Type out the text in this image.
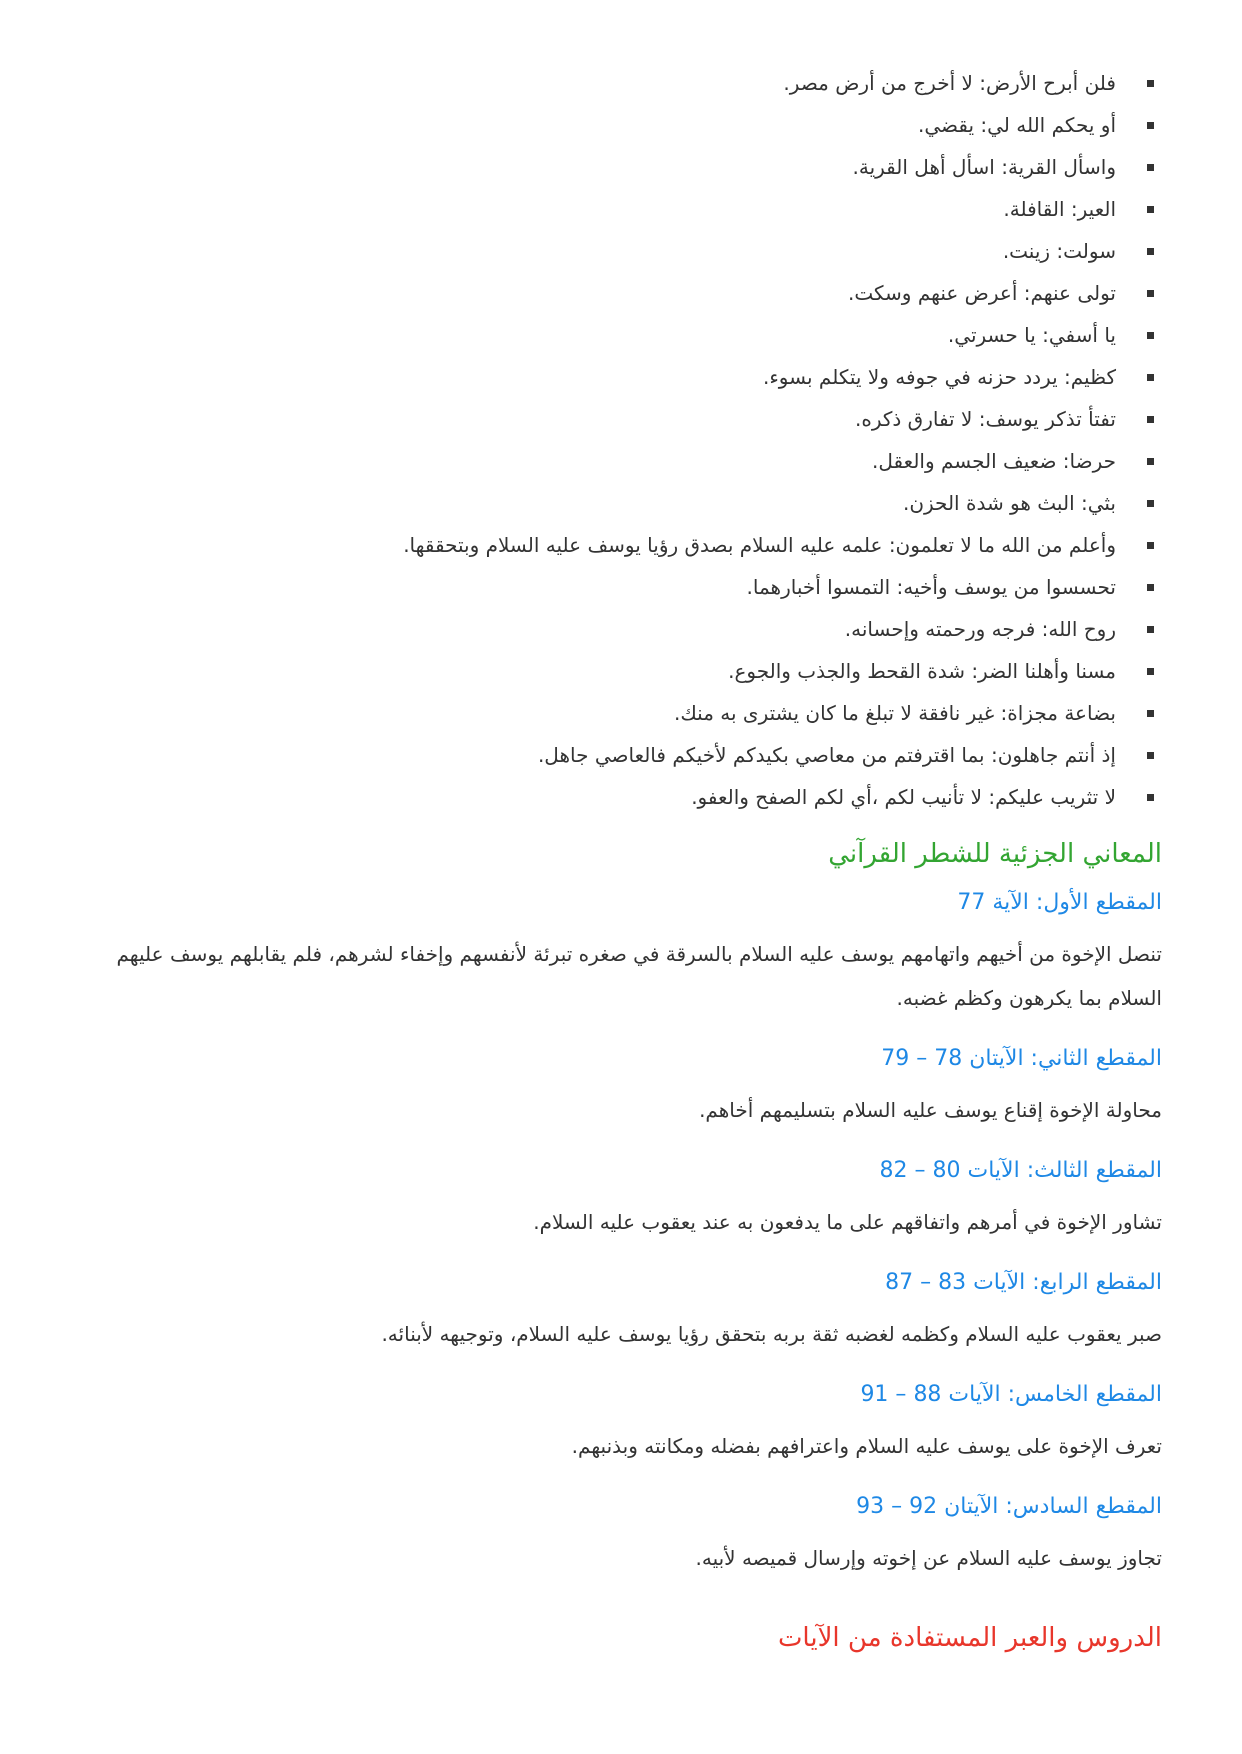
فلن أبرح الأرض: لا أخرج من أرض مصر.
أو يحكم الله لي: يقضي.
واسأل القرية: اسأل أهل القرية.
العير: القافلة.
سولت: زينت.
تولى عنهم: أعرض عنهم وسكت.
يا أسفي: يا حسرتي.
كظيم: يردد حزنه في جوفه ولا يتكلم بسوء.
تفتأ تذكر يوسف: لا تفارق ذكره.
حرضا: ضعيف الجسم والعقل.
بثي: البث هو شدة الحزن.
وأعلم من الله ما لا تعلمون: علمه عليه السلام بصدق رؤيا يوسف عليه السلام وبتحققها.
تحسسوا من يوسف وأخيه: التمسوا أخبارهما.
روح الله: فرجه ورحمته وإحسانه.
مسنا وأهلنا الضر: شدة القحط والجذب والجوع.
بضاعة مجزاة: غير نافقة لا تبلغ ما كان يشترى به منك.
إذ أنتم جاهلون: بما اقترفتم من معاصي بكيدكم لأخيكم فالعاصي جاهل.
لا تثريب عليكم: لا تأنيب لكم ،أي لكم الصفح والعفو.
المعاني الجزئية للشطر القرآني
المقطع الأول: الآية 77

تنصل الإخوة من أخيهم واتهامهم يوسف عليه السلام بالسرقة في صغره تبرئة لأنفسهم وإخفاء لشرهم، فلم يقابلهم يوسف عليهم السلام بما يكرهون وكظم غضبه.

المقطع الثاني: الآيتان 78 – 79

محاولة الإخوة إقناع يوسف عليه السلام بتسليمهم أخاهم.

المقطع الثالث: الآيات 80 – 82

تشاور الإخوة في أمرهم واتفاقهم على ما يدفعون به عند يعقوب عليه السلام.

المقطع الرابع: الآيات 83 – 87

صبر يعقوب عليه السلام وكظمه لغضبه ثقة بربه بتحقق رؤيا يوسف عليه السلام، وتوجيهه لأبنائه.

المقطع الخامس: الآيات 88 – 91

تعرف الإخوة على يوسف عليه السلام واعترافهم بفضله ومكانته وبذنبهم.

المقطع السادس: الآيتان 92 – 93

تجاوز يوسف عليه السلام عن إخوته وإرسال قميصه لأبيه.

الدروس والعبر المستفادة من الآيات
